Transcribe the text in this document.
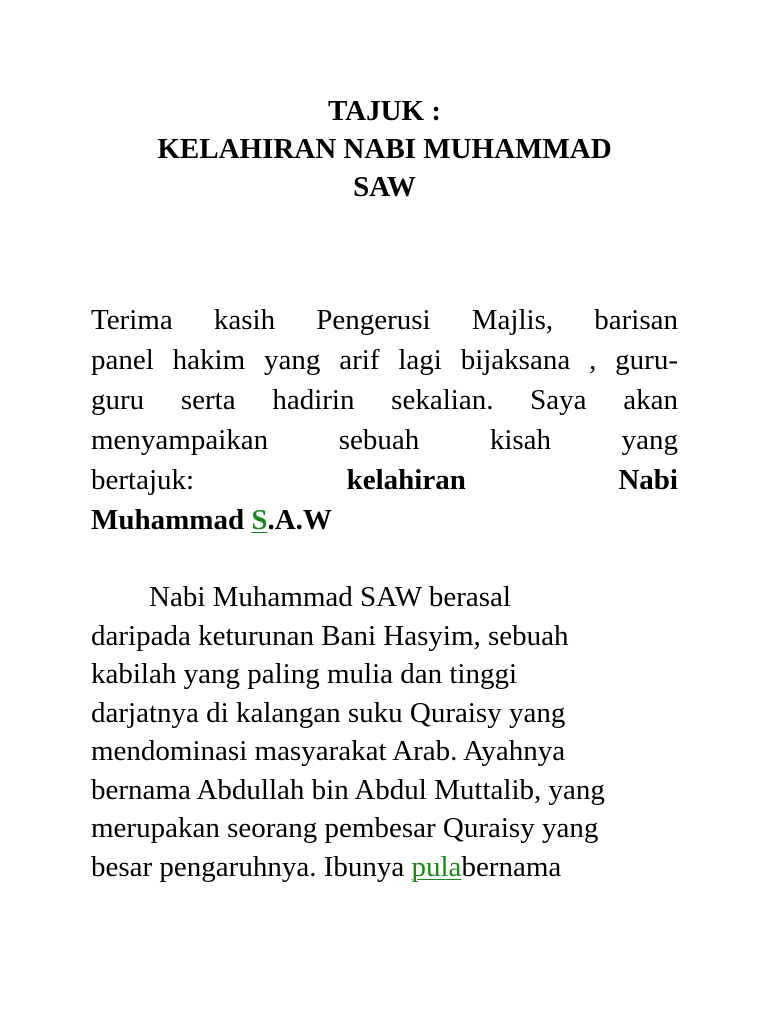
TAJUK :
KELAHIRAN NABI MUHAMMAD
SAW
Terima kasih Pengerusi Majlis, barisan
panel hakim yang arif lagi bijaksana , guru-
guru serta hadirin sekalian. Saya akan
menyampaikan sebuah kisah yang
bertajuk: kelahiran	Nabi
Muhammad S.A.W
Nabi Muhammad SAW berasal
daripada keturunan Bani Hasyim, sebuah
kabilah yang paling mulia dan tinggi
darjatnya di kalangan suku Quraisy yang
mendominasi masyarakat Arab. Ayahnya
bernama Abdullah bin Abdul Muttalib, yang
merupakan seorang pembesar Quraisy yang
besar pengaruhnya. Ibunya pulabernama
